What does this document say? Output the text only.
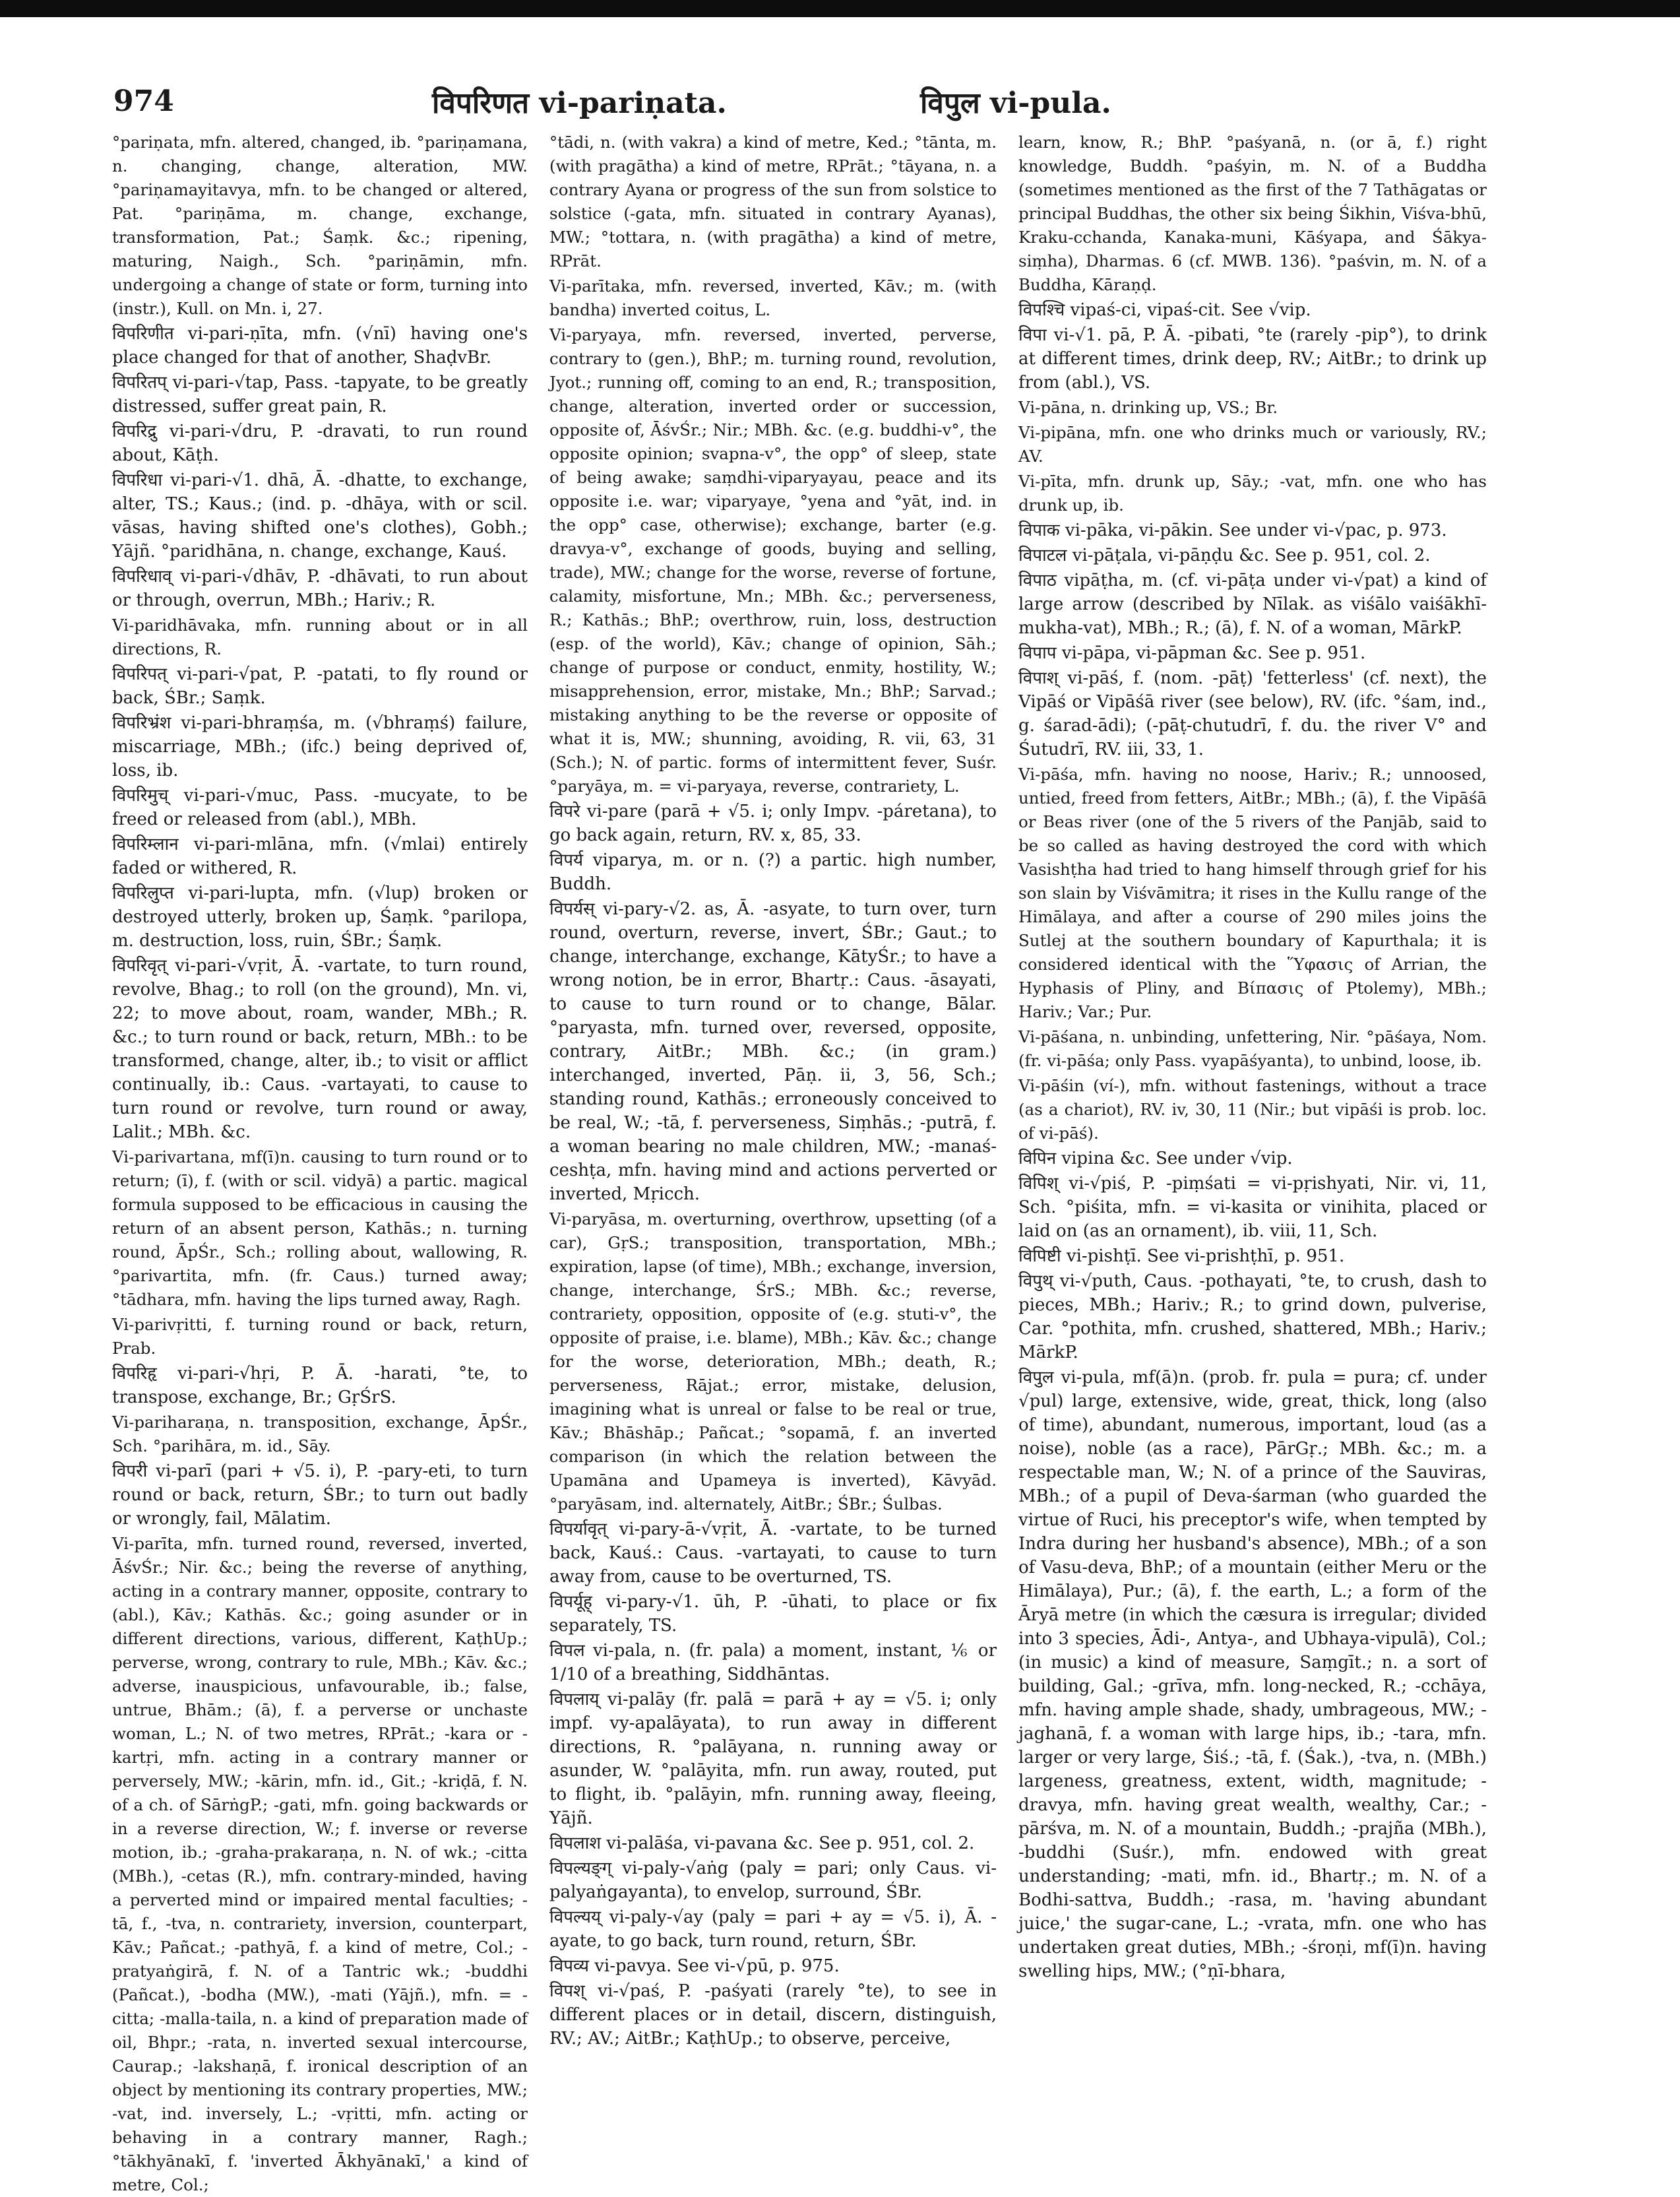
974	विपरिणत vi-pariṇata.	विपुल vi-pula.

°pariṇata, mfn. altered, changed, ib. °pariṇamana, n. changing, change, alteration, MW. °pariṇamayitavya, mfn. to be changed or altered, Pat. °pariṇāma, m. change, exchange, transformation, Pat.; Śaṃk. &c.; ripening, maturing, Naigh., Sch. °pariṇāmin, mfn. undergoing a change of state or form, turning into (instr.), Kull. on Mn. i, 27.

विपरिणीत vi-pari-ṇīta, mfn. (√nī) having one's place changed for that of another, ShaḍvBr.

विपरितप् vi-pari-√tap, Pass. -tapyate, to be greatly distressed, suffer great pain, R.

विपरिद्रु vi-pari-√dru, P. -dravati, to run round about, Kāṭh.

विपरिधा vi-pari-√1. dhā, Ā. -dhatte, to exchange, alter, TS.; Kaus.; (ind. p. -dhāya, with or scil. vāsas, having shifted one's clothes), Gobh.; Yājñ. °paridhāna, n. change, exchange, Kauś.

विपरिधाव् vi-pari-√dhāv, P. -dhāvati, to run about or through, overrun, MBh.; Hariv.; R.

Vi-paridhāvaka, mfn. running about or in all directions, R.

विपरिपत् vi-pari-√pat, P. -patati, to fly round or back, ŚBr.; Saṃk.

विपरिभ्रंश vi-pari-bhraṃśa, m. (√bhraṃś) failure, miscarriage, MBh.; (ifc.) being deprived of, loss, ib.

विपरिमुच् vi-pari-√muc, Pass. -mucyate, to be freed or released from (abl.), MBh.

विपरिम्लान vi-pari-mlāna, mfn. (√mlai) entirely faded or withered, R.

विपरिलुप्त vi-pari-lupta, mfn. (√lup) broken or destroyed utterly, broken up, Śaṃk. °parilopa, m. destruction, loss, ruin, ŚBr.; Śaṃk.

विपरिवृत् vi-pari-√vṛit, Ā. -vartate, to turn round, revolve, Bhag.; to roll (on the ground), Mn. vi, 22; to move about, roam, wander, MBh.; R. &c.; to turn round or back, return, MBh.: to be transformed, change, alter, ib.; to visit or afflict continually, ib.: Caus. -vartayati, to cause to turn round or revolve, turn round or away, Lalit.; MBh. &c.

Vi-parivartana, mf(ī)n. causing to turn round or to return; (ī), f. (with or scil. vidyā) a partic. magical formula supposed to be efficacious in causing the return of an absent person, Kathās.; n. turning round, ĀpŚr., Sch.; rolling about, wallowing, R. °parivartita, mfn. (fr. Caus.) turned away; °tādhara, mfn. having the lips turned away, Ragh.

Vi-parivṛitti, f. turning round or back, return, Prab.

विपरिहृ vi-pari-√hṛi, P. Ā. -harati, °te, to transpose, exchange, Br.; GṛŚrS.

Vi-pariharaṇa, n. transposition, exchange, ĀpŚr., Sch. °parihāra, m. id., Sāy.

विपरी vi-parī (pari + √5. i), P. -pary-eti, to turn round or back, return, ŚBr.; to turn out badly or wrongly, fail, Mālatim.

Vi-parīta, mfn. turned round, reversed, inverted, ĀśvŚr.; Nir. &c.; being the reverse of anything, acting in a contrary manner, opposite, contrary to (abl.), Kāv.; Kathās. &c.; going asunder or in different directions, various, different, KaṭhUp.; perverse, wrong, contrary to rule, MBh.; Kāv. &c.; adverse, inauspicious, unfavourable, ib.; false, untrue, Bhām.; (ā), f. a perverse or unchaste woman, L.; N. of two metres, RPrāt.; -kara or -kartṛi, mfn. acting in a contrary manner or perversely, MW.; -kārin, mfn. id., Git.; -kriḍā, f. N. of a ch. of SārṅgP.; -gati, mfn. going backwards or in a reverse direction, W.; f. inverse or reverse motion, ib.; -graha-prakaraṇa, n. N. of wk.; -citta (MBh.), -cetas (R.), mfn. contrary-minded, having a perverted mind or impaired mental faculties; -tā, f., -tva, n. contrariety, inversion, counterpart, Kāv.; Pañcat.; -pathyā, f. a kind of metre, Col.; -pratyaṅgirā, f. N. of a Tantric wk.; -buddhi (Pañcat.), -bodha (MW.), -mati (Yājñ.), mfn. = -citta; -malla-taila, n. a kind of preparation made of oil, Bhpr.; -rata, n. inverted sexual intercourse, Caurap.; -lakshaṇā, f. ironical description of an object by mentioning its contrary properties, MW.; -vat, ind. inversely, L.; -vṛitti, mfn. acting or behaving in a contrary manner, Ragh.; °tākhyānakī, f. 'inverted Ākhyānakī,' a kind of metre, Col.;

°tādi, n. (with vakra) a kind of metre, Ked.; °tānta, m. (with pragātha) a kind of metre, RPrāt.; °tāyana, n. a contrary Ayana or progress of the sun from solstice to solstice (-gata, mfn. situated in contrary Ayanas), MW.; °tottara, n. (with pragātha) a kind of metre, RPrāt.

Vi-parītaka, mfn. reversed, inverted, Kāv.; m. (with bandha) inverted coitus, L.

Vi-paryaya, mfn. reversed, inverted, perverse, contrary to (gen.), BhP.; m. turning round, revolution, Jyot.; running off, coming to an end, R.; transposition, change, alteration, inverted order or succession, opposite of, ĀśvŚr.; Nir.; MBh. &c. (e.g. buddhi-v°, the opposite opinion; svapna-v°, the opp° of sleep, state of being awake; saṃdhi-viparyayau, peace and its opposite i.e. war; viparyaye, °yena and °yāt, ind. in the opp° case, otherwise); exchange, barter (e.g. dravya-v°, exchange of goods, buying and selling, trade), MW.; change for the worse, reverse of fortune, calamity, misfortune, Mn.; MBh. &c.; perverseness, R.; Kathās.; BhP.; overthrow, ruin, loss, destruction (esp. of the world), Kāv.; change of opinion, Sāh.; change of purpose or conduct, enmity, hostility, W.; misapprehension, error, mistake, Mn.; BhP.; Sarvad.; mistaking anything to be the reverse or opposite of what it is, MW.; shunning, avoiding, R. vii, 63, 31 (Sch.); N. of partic. forms of intermittent fever, Suśr. °paryāya, m. = vi-paryaya, reverse, contrariety, L.

विपरे vi-pare (parā + √5. i; only Impv. -páretana), to go back again, return, RV. x, 85, 33.

विपर्य viparya, m. or n. (?) a partic. high number, Buddh.

विपर्यस् vi-pary-√2. as, Ā. -asyate, to turn over, turn round, overturn, reverse, invert, ŚBr.; Gaut.; to change, interchange, exchange, KātyŚr.; to have a wrong notion, be in error, Bhartṛ.: Caus. -āsayati, to cause to turn round or to change, Bālar. °paryasta, mfn. turned over, reversed, opposite, contrary, AitBr.; MBh. &c.; (in gram.) interchanged, inverted, Pāṇ. ii, 3, 56, Sch.; standing round, Kathās.; erroneously conceived to be real, W.; -tā, f. perverseness, Siṃhās.; -putrā, f. a woman bearing no male children, MW.; -manaś-ceshṭa, mfn. having mind and actions perverted or inverted, Mṛicch.

Vi-paryāsa, m. overturning, overthrow, upsetting (of a car), GṛS.; transposition, transportation, MBh.; expiration, lapse (of time), MBh.; exchange, inversion, change, interchange, ŚrS.; MBh. &c.; reverse, contrariety, opposition, opposite of (e.g. stuti-v°, the opposite of praise, i.e. blame), MBh.; Kāv. &c.; change for the worse, deterioration, MBh.; death, R.; perverseness, Rājat.; error, mistake, delusion, imagining what is unreal or false to be real or true, Kāv.; Bhāshāp.; Pañcat.; °sopamā, f. an inverted comparison (in which the relation between the Upamāna and Upameya is inverted), Kāvyād. °paryāsam, ind. alternately, AitBr.; ŚBr.; Śulbas.

विपर्यावृत् vi-pary-ā-√vṛit, Ā. -vartate, to be turned back, Kauś.: Caus. -vartayati, to cause to turn away from, cause to be overturned, TS.

विपर्यूह् vi-pary-√1. ūh, P. -ūhati, to place or fix separately, TS.

विपल vi-pala, n. (fr. pala) a moment, instant, ⅙ or 1/10 of a breathing, Siddhāntas.

विपलाय् vi-palāy (fr. palā = parā + ay = √5. i; only impf. vy-apalāyata), to run away in different directions, R. °palāyana, n. running away or asunder, W. °palāyita, mfn. run away, routed, put to flight, ib. °palāyin, mfn. running away, fleeing, Yājñ.

विपलाश vi-palāśa, vi-pavana &c. See p. 951, col. 2.

विपल्यङ्ग् vi-paly-√aṅg (paly = pari; only Caus. vi-palyaṅgayanta), to envelop, surround, ŚBr.

विपल्यय् vi-paly-√ay (paly = pari + ay = √5. i), Ā. -ayate, to go back, turn round, return, ŚBr.

विपव्य vi-pavya. See vi-√pū, p. 975.

विपश् vi-√paś, P. -paśyati (rarely °te), to see in different places or in detail, discern, distinguish, RV.; AV.; AitBr.; KaṭhUp.; to observe, perceive,

learn, know, R.; BhP. °paśyanā, n. (or ā, f.) right knowledge, Buddh. °paśyin, m. N. of a Buddha (sometimes mentioned as the first of the 7 Tathāgatas or principal Buddhas, the other six being Śikhin, Viśva-bhū, Kraku-cchanda, Kanaka-muni, Kāśyapa, and Śākya-siṃha), Dharmas. 6 (cf. MWB. 136). °paśvin, m. N. of a Buddha, Kāraṇḍ.

विपश्चि vipaś-ci, vipaś-cit. See √vip.

विपा vi-√1. pā, P. Ā. -pibati, °te (rarely -pip°), to drink at different times, drink deep, RV.; AitBr.; to drink up from (abl.), VS.

Vi-pāna, n. drinking up, VS.; Br.

Vi-pipāna, mfn. one who drinks much or variously, RV.; AV.

Vi-pīta, mfn. drunk up, Sāy.; -vat, mfn. one who has drunk up, ib.

विपाक vi-pāka, vi-pākin. See under vi-√pac, p. 973.

विपाटल vi-pāṭala, vi-pāṇḍu &c. See p. 951, col. 2.

विपाठ vipāṭha, m. (cf. vi-pāṭa under vi-√pat) a kind of large arrow (described by Nīlak. as viśālo vaiśākhī-mukha-vat), MBh.; R.; (ā), f. N. of a woman, MārkP.

विपाप vi-pāpa, vi-pāpman &c. See p. 951.

विपाश् vi-pāś, f. (nom. -pāṭ) 'fetterless' (cf. next), the Vipāś or Vipāśā river (see below), RV. (ifc. °śam, ind., g. śarad-ādi); (-pāṭ-chutudrī, f. du. the river V° and Śutudrī, RV. iii, 33, 1.

Vi-pāśa, mfn. having no noose, Hariv.; R.; unnoosed, untied, freed from fetters, AitBr.; MBh.; (ā), f. the Vipāśā or Beas river (one of the 5 rivers of the Panjāb, said to be so called as having destroyed the cord with which Vasishṭha had tried to hang himself through grief for his son slain by Viśvāmitra; it rises in the Kullu range of the Himālaya, and after a course of 290 miles joins the Sutlej at the southern boundary of Kapurthala; it is considered identical with the Ὕφασις of Arrian, the Hyphasis of Pliny, and Βίπασις of Ptolemy), MBh.; Hariv.; Var.; Pur.

Vi-pāśana, n. unbinding, unfettering, Nir. °pāśaya, Nom. (fr. vi-pāśa; only Pass. vyapāśyanta), to unbind, loose, ib.

Vi-pāśin (ví-), mfn. without fastenings, without a trace (as a chariot), RV. iv, 30, 11 (Nir.; but vipāśi is prob. loc. of vi-pāś).

विपिन vipina &c. See under √vip.

विपिश् vi-√piś, P. -piṃśati = vi-pṛishyati, Nir. vi, 11, Sch. °piśita, mfn. = vi-kasita or vinihita, placed or laid on (as an ornament), ib. viii, 11, Sch.

विपिष्टी vi-pishṭī. See vi-prishṭhī, p. 951.

विपुथ् vi-√puth, Caus. -pothayati, °te, to crush, dash to pieces, MBh.; Hariv.; R.; to grind down, pulverise, Car. °pothita, mfn. crushed, shattered, MBh.; Hariv.; MārkP.

विपुल vi-pula, mf(ā)n. (prob. fr. pula = pura; cf. under √pul) large, extensive, wide, great, thick, long (also of time), abundant, numerous, important, loud (as a noise), noble (as a race), PārGṛ.; MBh. &c.; m. a respectable man, W.; N. of a prince of the Sauviras, MBh.; of a pupil of Deva-śarman (who guarded the virtue of Ruci, his preceptor's wife, when tempted by Indra during her husband's absence), MBh.; of a son of Vasu-deva, BhP.; of a mountain (either Meru or the Himālaya), Pur.; (ā), f. the earth, L.; a form of the Āryā metre (in which the cæsura is irregular; divided into 3 species, Ādi-, Antya-, and Ubhaya-vipulā), Col.; (in music) a kind of measure, Saṃgīt.; n. a sort of building, Gal.; -grīva, mfn. long-necked, R.; -cchāya, mfn. having ample shade, shady, umbrageous, MW.; -jaghanā, f. a woman with large hips, ib.; -tara, mfn. larger or very large, Śiś.; -tā, f. (Śak.), -tva, n. (MBh.) largeness, greatness, extent, width, magnitude; -dravya, mfn. having great wealth, wealthy, Car.; -pārśva, m. N. of a mountain, Buddh.; -prajña (MBh.), -buddhi (Suśr.), mfn. endowed with great understanding; -mati, mfn. id., Bhartṛ.; m. N. of a Bodhi-sattva, Buddh.; -rasa, m. 'having abundant juice,' the sugar-cane, L.; -vrata, mfn. one who has undertaken great duties, MBh.; -śroṇi, mf(ī)n. having swelling hips, MW.; (°ṇī-bhara,
